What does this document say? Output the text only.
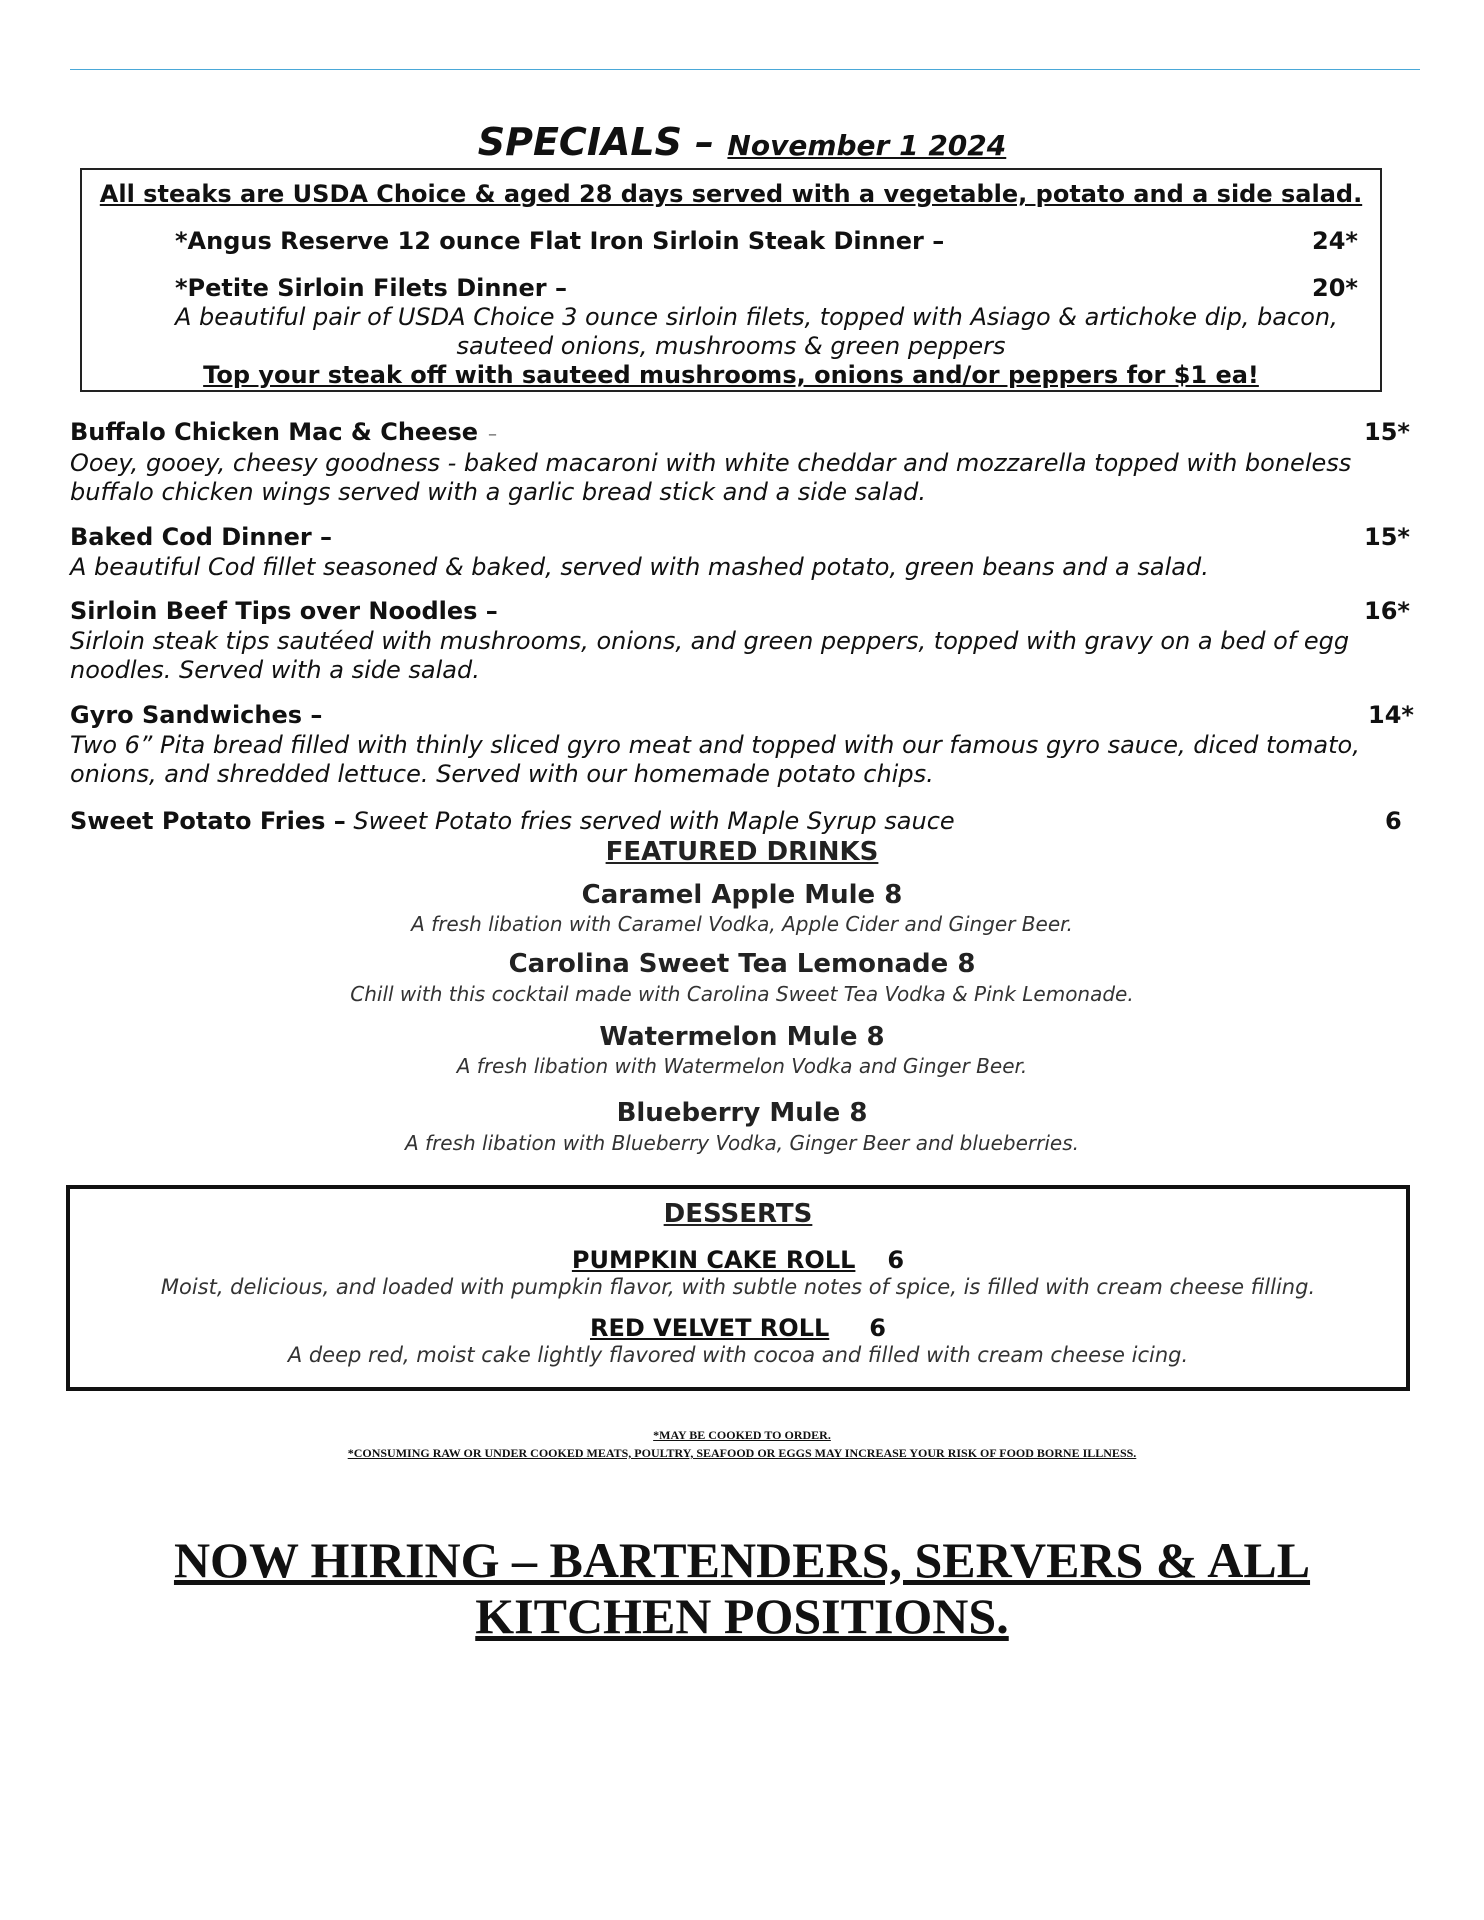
SPECIALS – November 1 2024
All steaks are USDA Choice & aged 28 days served with a vegetable, potato and a side salad.
*Angus Reserve 12 ounce Flat Iron Sirloin Steak Dinner –	24*
*Petite Sirloin Filets Dinner –	20*
A beautiful pair of USDA Choice 3 ounce sirloin filets, topped with Asiago & artichoke dip, bacon,
sauteed onions, mushrooms & green peppers
Top your steak off with sauteed mushrooms, onions and/or peppers for $1 ea!
Buffalo Chicken Mac & Cheese –	15*
Ooey, gooey, cheesy goodness - baked macaroni with white cheddar and mozzarella topped with boneless
buffalo chicken wings served with a garlic bread stick and a side salad.
Baked Cod Dinner –	15*
A beautiful Cod fillet seasoned & baked, served with mashed potato, green beans and a salad.
Sirloin Beef Tips over Noodles –	16*
Sirloin steak tips sautéed with mushrooms, onions, and green peppers, topped with gravy on a bed of egg
noodles. Served with a side salad.
Gyro Sandwiches –	14*
Two 6” Pita bread filled with thinly sliced gyro meat and topped with our famous gyro sauce, diced tomato,
onions, and shredded lettuce. Served with our homemade potato chips.
Sweet Potato Fries – Sweet Potato fries served with Maple Syrup sauce	6
FEATURED DRINKS
Caramel Apple Mule 8
A fresh libation with Caramel Vodka, Apple Cider and Ginger Beer.
Carolina Sweet Tea Lemonade 8
Chill with this cocktail made with Carolina Sweet Tea Vodka & Pink Lemonade.
Watermelon Mule 8
A fresh libation with Watermelon Vodka and Ginger Beer.
Blueberry Mule 8
A fresh libation with Blueberry Vodka, Ginger Beer and blueberries.
DESSERTS
PUMPKIN CAKE ROLL 6
Moist, delicious, and loaded with pumpkin flavor, with subtle notes of spice, is filled with cream cheese filling.
RED VELVET ROLL 6
A deep red, moist cake lightly flavored with cocoa and filled with cream cheese icing.
*MAY BE COOKED TO ORDER.
*CONSUMING RAW OR UNDER COOKED MEATS, POULTRY, SEAFOOD OR EGGS MAY INCREASE YOUR RISK OF FOOD BORNE ILLNESS.
NOW HIRING – BARTENDERS, SERVERS & ALL
KITCHEN POSITIONS.
